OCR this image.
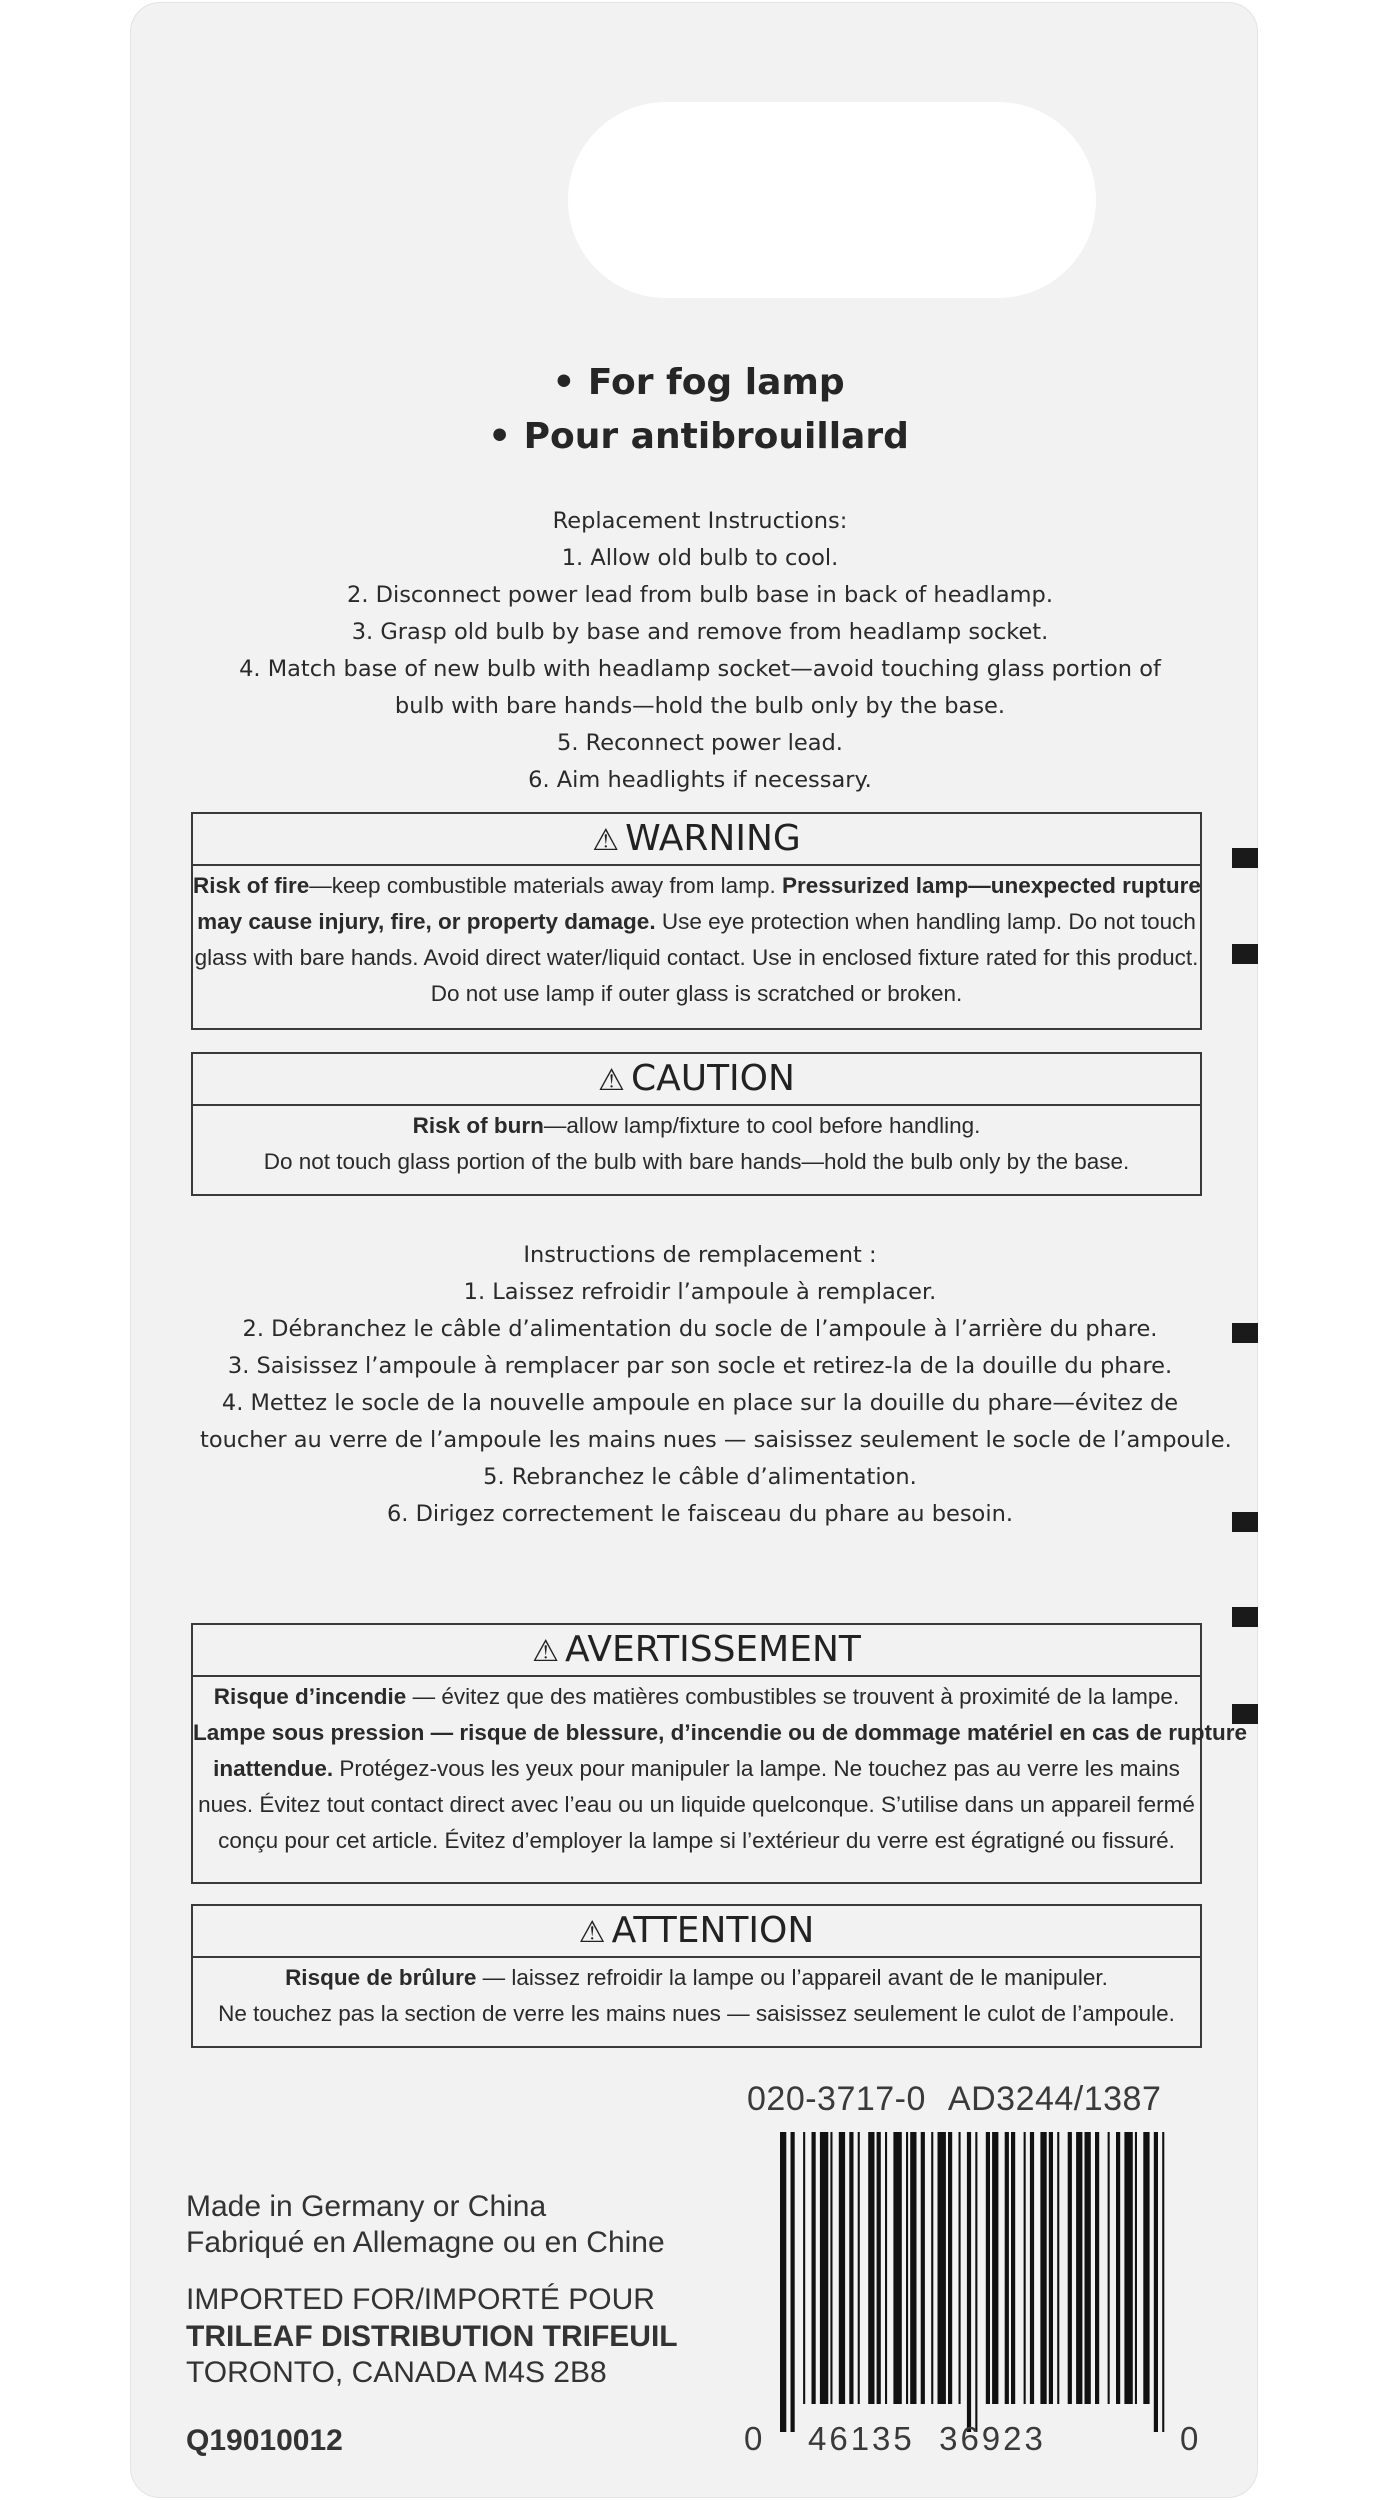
• For fog lamp
• Pour antibrouillard
Replacement Instructions:
1. Allow old bulb to cool.
2. Disconnect power lead from bulb base in back of headlamp.
3. Grasp old bulb by base and remove from headlamp socket.
4. Match base of new bulb with headlamp socket—avoid touching glass portion of
bulb with bare hands—hold the bulb only by the base.
5. Reconnect power lead.
6. Aim headlights if necessary.
⚠ WARNING
Risk of fire—keep combustible materials away from lamp. Pressurized lamp—unexpected rupture
may cause injury, fire, or property damage. Use eye protection when handling lamp. Do not touch
glass with bare hands. Avoid direct water/liquid contact. Use in enclosed fixture rated for this product.
Do not use lamp if outer glass is scratched or broken.
⚠ CAUTION
Risk of burn—allow lamp/fixture to cool before handling.
Do not touch glass portion of the bulb with bare hands—hold the bulb only by the base.
Instructions de remplacement :
1. Laissez refroidir l’ampoule à remplacer.
2. Débranchez le câble d’alimentation du socle de l’ampoule à l’arrière du phare.
3. Saisissez l’ampoule à remplacer par son socle et retirez-la de la douille du phare.
4. Mettez le socle de la nouvelle ampoule en place sur la douille du phare—évitez de
toucher au verre de l’ampoule les mains nues — saisissez seulement le socle de l’ampoule.
5. Rebranchez le câble d’alimentation.
6. Dirigez correctement le faisceau du phare au besoin.
⚠ AVERTISSEMENT
Risque d’incendie — évitez que des matières combustibles se trouvent à proximité de la lampe.
Lampe sous pression — risque de blessure, d’incendie ou de dommage matériel en cas de rupture
inattendue. Protégez-vous les yeux pour manipuler la lampe. Ne touchez pas au verre les mains
nues. Évitez tout contact direct avec l’eau ou un liquide quelconque. S’utilise dans un appareil fermé
conçu pour cet article. Évitez d’employer la lampe si l’extérieur du verre est égratigné ou fissuré.
⚠ ATTENTION
Risque de brûlure — laissez refroidir la lampe ou l’appareil avant de le manipuler.
Ne touchez pas la section de verre les mains nues — saisissez seulement le culot de l’ampoule.
020-3717-0 AD3244/1387
0 46135  36923	0
Made in Germany or China
Fabriqué en Allemagne ou en Chine
IMPORTED FOR/IMPORTÉ POUR
TRILEAF DISTRIBUTION TRIFEUIL
TORONTO, CANADA M4S 2B8
Q19010012
